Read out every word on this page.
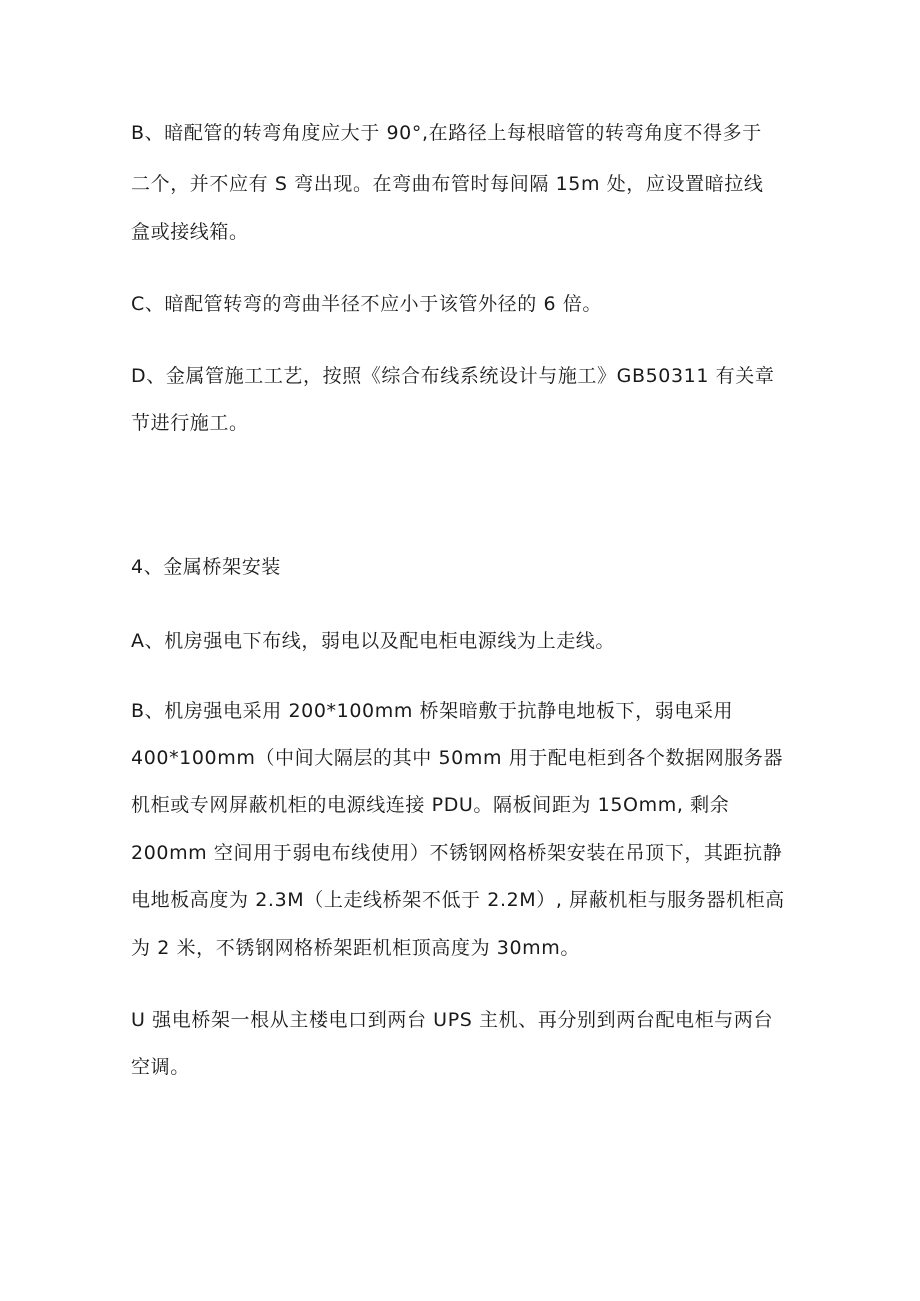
B、暗配管的转弯角度应大于 90°,在路径上每根暗管的转弯角度不得多于
二个，并不应有 S 弯出现。在弯曲布管时每间隔 15m 处，应设置暗拉线
盒或接线箱。
C、暗配管转弯的弯曲半径不应小于该管外径的 6 倍。
D、金属管施工工艺，按照《综合布线系统设计与施工》GB50311 有关章
节进行施工。
4、金属桥架安装
A、机房强电下布线，弱电以及配电柜电源线为上走线。
B、机房强电采用 200*100mm 桥架暗敷于抗静电地板下，弱电采用
400*100mm（中间大隔层的其中 50mm 用于配电柜到各个数据网服务器
机柜或专网屏蔽机柜的电源线连接 PDU。隔板间距为 15Omm, 剩余
200mm 空间用于弱电布线使用）不锈钢网格桥架安装在吊顶下，其距抗静
电地板高度为 2.3M（上走线桥架不低于 2.2M）, 屏蔽机柜与服务器机柜高
为 2 米，不锈钢网格桥架距机柜顶高度为 30mm。
U 强电桥架一根从主楼电口到两台 UPS 主机、再分别到两台配电柜与两台
空调。
